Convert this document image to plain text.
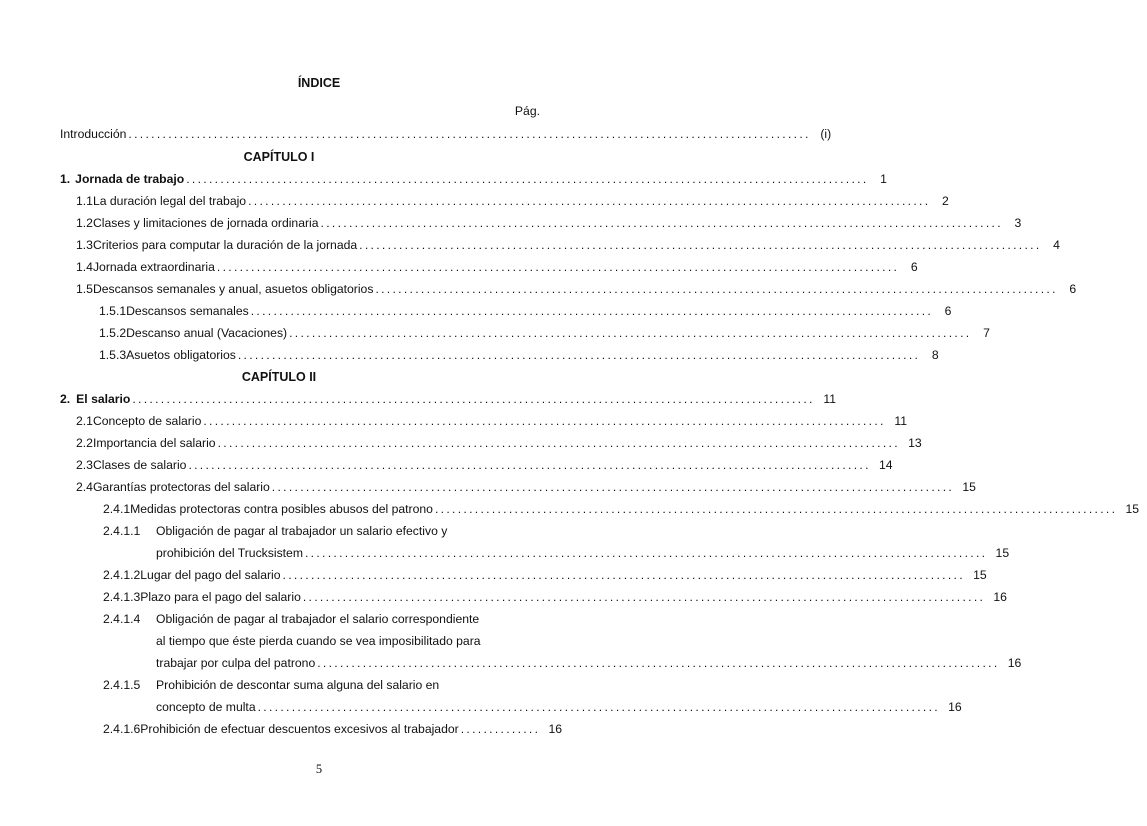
ÍNDICE
Pág.
Introducción ........................................................................................................................ (i)
CAPÍTULO I
1. Jornada de trabajo ........................................................................................................................ 1
1.1 La duración legal del trabajo ........................................................................................................................ 2
1.2 Clases y limitaciones de jornada ordinaria ........................................................................................................................ 3
1.3 Criterios para computar la duración de la jornada ........................................................................................................................ 4
1.4 Jornada extraordinaria ........................................................................................................................ 6
1.5 Descansos semanales y anual, asuetos obligatorios ........................................................................................................................ 6
1.5.1 Descansos semanales ........................................................................................................................ 6
1.5.2 Descanso anual (Vacaciones) ........................................................................................................................ 7
1.5.3 Asuetos obligatorios ........................................................................................................................ 8
CAPÍTULO II
2. El salario ........................................................................................................................ 11
2.1 Concepto de salario ........................................................................................................................ 11
2.2 Importancia del salario ........................................................................................................................ 13
2.3 Clases de salario ........................................................................................................................ 14
2.4 Garantías protectoras del salario ........................................................................................................................ 15
2.4.1 Medidas protectoras contra posibles abusos del patrono ........................................................................................................................ 15
2.4.1.1	Obligación de pagar al trabajador un salario efectivo y
prohibición del Trucksistem ........................................................................................................................ 15
2.4.1.2 Lugar del pago del salario ........................................................................................................................ 15
2.4.1.3 Plazo para el pago del salario ........................................................................................................................ 16
2.4.1.4	Obligación de pagar al trabajador el salario correspondiente
al tiempo que éste pierda cuando se vea imposibilitado para
trabajar por culpa del patrono ........................................................................................................................ 16
2.4.1.5	Prohibición de descontar suma alguna del salario en
concepto de multa ........................................................................................................................ 16
2.4.1.6 Prohibición de efectuar descuentos excesivos al trabajador .............. 16
5
